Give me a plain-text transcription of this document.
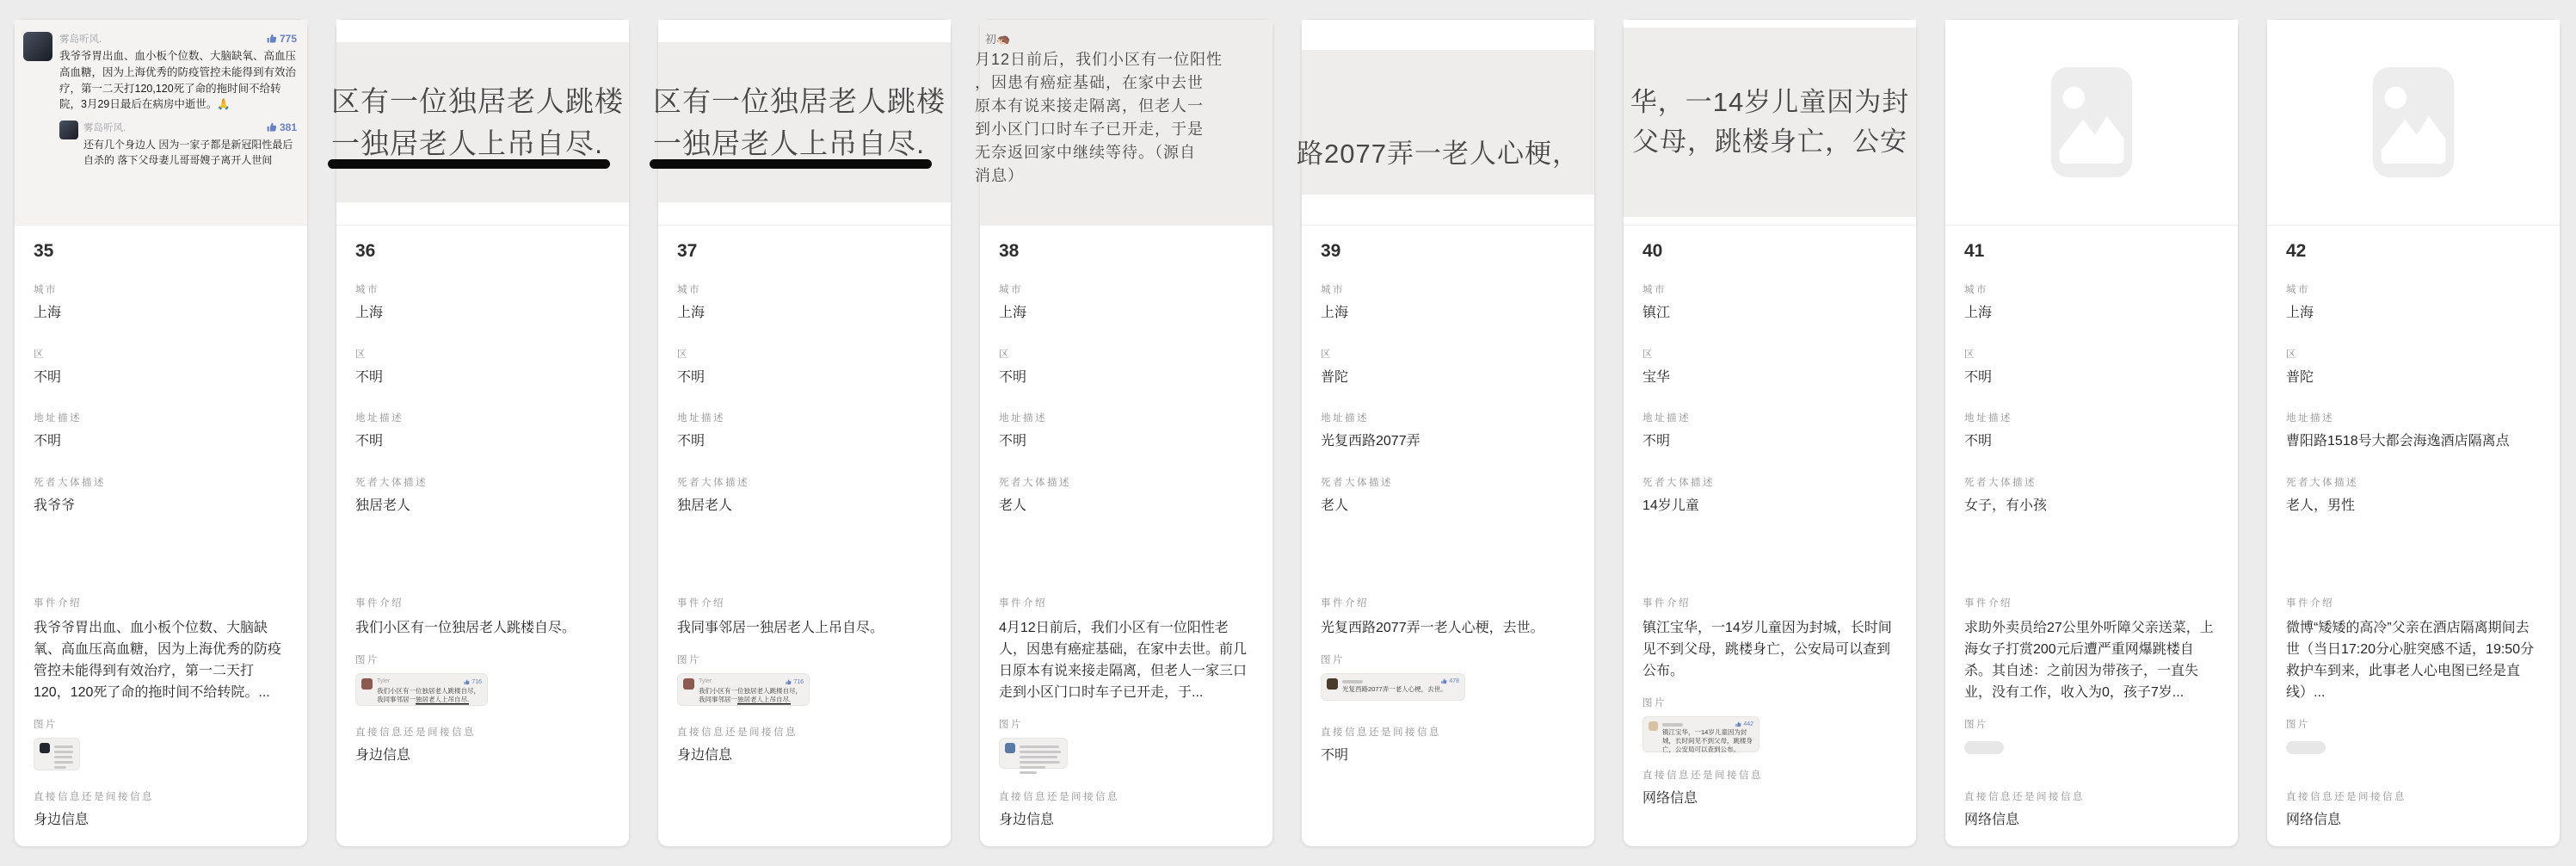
雾岛听风.	775
我爷爷胃出血、血小板个位数、大脑缺氧、高血压高血糖，因为上海优秀的防疫管控未能得到有效治疗，第一二天打120,120死了命的拖时间不给转院，3月29日最后在病房中逝世。🙏
雾岛听风.	381
还有几个身边人 因为一家子都是新冠阳性最后自杀的 落下父母妻儿哥哥嫂子离开人世间
35
城市
上海
区
不明
地址描述
不明
死者大体描述
我爷爷
事件介绍
我爷爷胃出血、血小板个位数、大脑缺氧、高血压高血糖，因为上海优秀的防疫管控未能得到有效治疗，第一二天打120，120死了命的拖时间不给转院。...
图片
直接信息还是间接信息
身边信息
区有一位独居老人跳楼
一独居老人上吊自尽.
36
城市
上海
区
不明
地址描述
不明
死者大体描述
独居老人
事件介绍
我们小区有一位独居老人跳楼自尽。
图片
Tyler	716
我们小区有一位独居老人跳楼自尽，我同事邻居一独居老人上吊自尽.
直接信息还是间接信息
身边信息
区有一位独居老人跳楼
一独居老人上吊自尽.
37
城市
上海
区
不明
地址描述
不明
死者大体描述
独居老人
事件介绍
我同事邻居一独居老人上吊自尽。
图片
Tyler	716
我们小区有一位独居老人跳楼自尽，我同事邻居一独居老人上吊自尽.
直接信息还是间接信息
身边信息
初🦔
月12日前后，我们小区有一位阳性
，因患有癌症基础，在家中去世
原本有说来接走隔离，但老人一
到小区门口时车子已开走，于是
无奈返回家中继续等待。（源自
消息）
38
城市
上海
区
不明
地址描述
不明
死者大体描述
老人
事件介绍
4月12日前后，我们小区有一位阳性老人，因患有癌症基础，在家中去世。前几日原本有说来接走隔离，但老人一家三口走到小区门口时车子已开走，于...
图片
直接信息还是间接信息
身边信息
路2077弄一老人心梗，
39
城市
上海
区
普陀
地址描述
光复西路2077弄
死者大体描述
老人
事件介绍
光复西路2077弄一老人心梗，去世。
图片
478
光复西路2077弄一老人心梗，去世。
直接信息还是间接信息
不明
华，一14岁儿童因为封
父母，跳楼身亡，公安
40
城市
镇江
区
宝华
地址描述
不明
死者大体描述
14岁儿童
事件介绍
镇江宝华，一14岁儿童因为封城，长时间见不到父母，跳楼身亡，公安局可以查到公布。
图片
442
镇江宝华，一14岁儿童因为封城，长时间见不到父母，跳楼身亡，公安局可以查到公布。
直接信息还是间接信息
网络信息
41
城市
上海
区
不明
地址描述
不明
死者大体描述
女子，有小孩
事件介绍
求助外卖员给27公里外听障父亲送菜，上海女子打赏200元后遭严重网爆跳楼自杀。其自述：之前因为带孩子，一直失业，没有工作，收入为0，孩子7岁...
图片
直接信息还是间接信息
网络信息
42
城市
上海
区
普陀
地址描述
曹阳路1518号大都会海逸酒店隔离点
死者大体描述
老人，男性
事件介绍
微博“矮矮的高冷”父亲在酒店隔离期间去世（当日17:20分心脏突感不适，19:50分救护车到来，此事老人心电图已经是直线）...
图片
直接信息还是间接信息
网络信息
